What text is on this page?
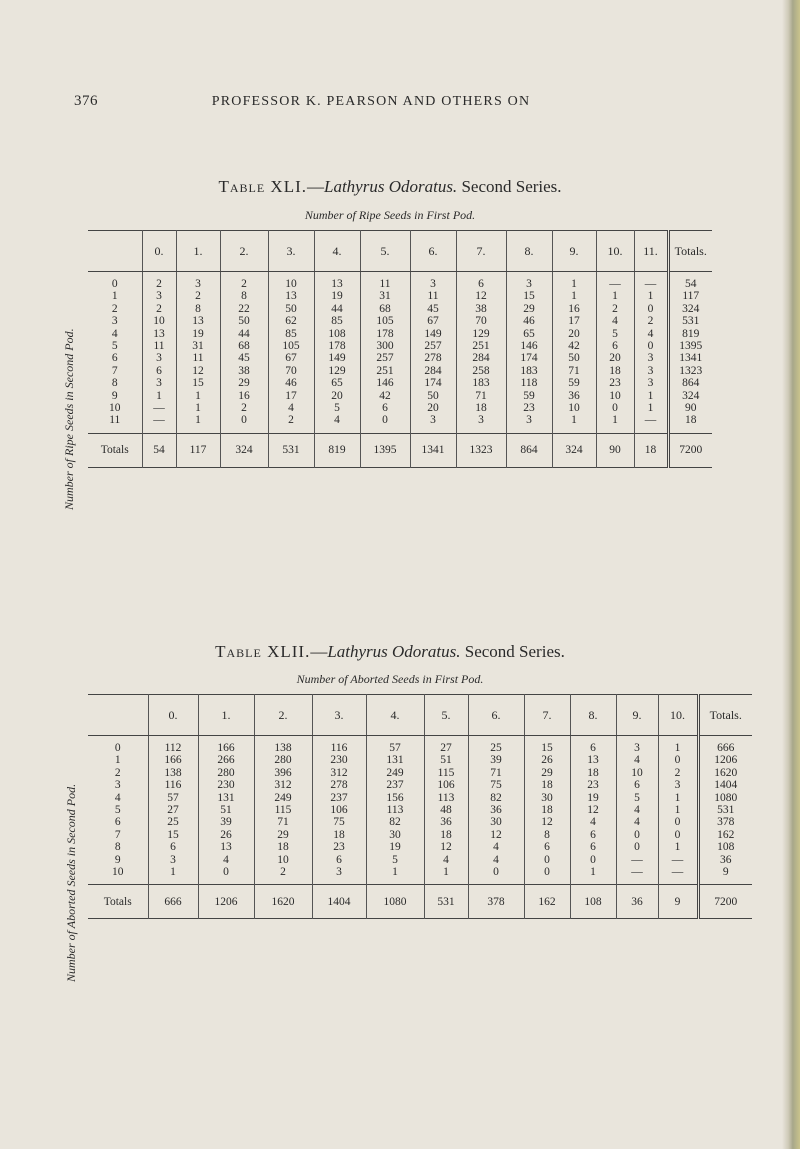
376	PROFESSOR K. PEARSON AND OTHERS ON
Table XLI.—Lathyrus Odoratus. Second Series.
Number of Ripe Seeds in First Pod.
Number of Ripe Seeds in Second Pod.
	0.	1.	2.	3.	4.	5.	6.	7.	8.	9.	10.	11.	Totals.

0	2	3	2	10	13	11	3	6	3	1	—	—	54
1	3	2	8	13	19	31	11	12	15	1	1	1	117
2	2	8	22	50	44	68	45	38	29	16	2	0	324
3	10	13	50	62	85	105	67	70	46	17	4	2	531
4	13	19	44	85	108	178	149	129	65	20	5	4	819
5	11	31	68	105	178	300	257	251	146	42	6	0	1395
6	3	11	45	67	149	257	278	284	174	50	20	3	1341
7	6	12	38	70	129	251	284	258	183	71	18	3	1323
8	3	15	29	46	65	146	174	183	118	59	23	3	864
9	1	1	16	17	20	42	50	71	59	36	10	1	324
10	—	1	2	4	5	6	20	18	23	10	0	1	90
11	—	1	0	2	4	0	3	3	3	1	1	—	18

Totals	54	117	324	531	819	1395	1341	1323	864	324	90	18	7200
Table XLII.—Lathyrus Odoratus. Second Series.
Number of Aborted Seeds in First Pod.
Number of Aborted Seeds in Second Pod.
	0.	1.	2.	3.	4.	5.	6.	7.	8.	9.	10.	Totals.

0	112	166	138	116	57	27	25	15	6	3	1	666
1	166	266	280	230	131	51	39	26	13	4	0	1206
2	138	280	396	312	249	115	71	29	18	10	2	1620
3	116	230	312	278	237	106	75	18	23	6	3	1404
4	57	131	249	237	156	113	82	30	19	5	1	1080
5	27	51	115	106	113	48	36	18	12	4	1	531
6	25	39	71	75	82	36	30	12	4	4	0	378
7	15	26	29	18	30	18	12	8	6	0	0	162
8	6	13	18	23	19	12	4	6	6	0	1	108
9	3	4	10	6	5	4	4	0	0	—	—	36
10	1	0	2	3	1	1	0	0	1	—	—	9

Totals	666	1206	1620	1404	1080	531	378	162	108	36	9	7200
